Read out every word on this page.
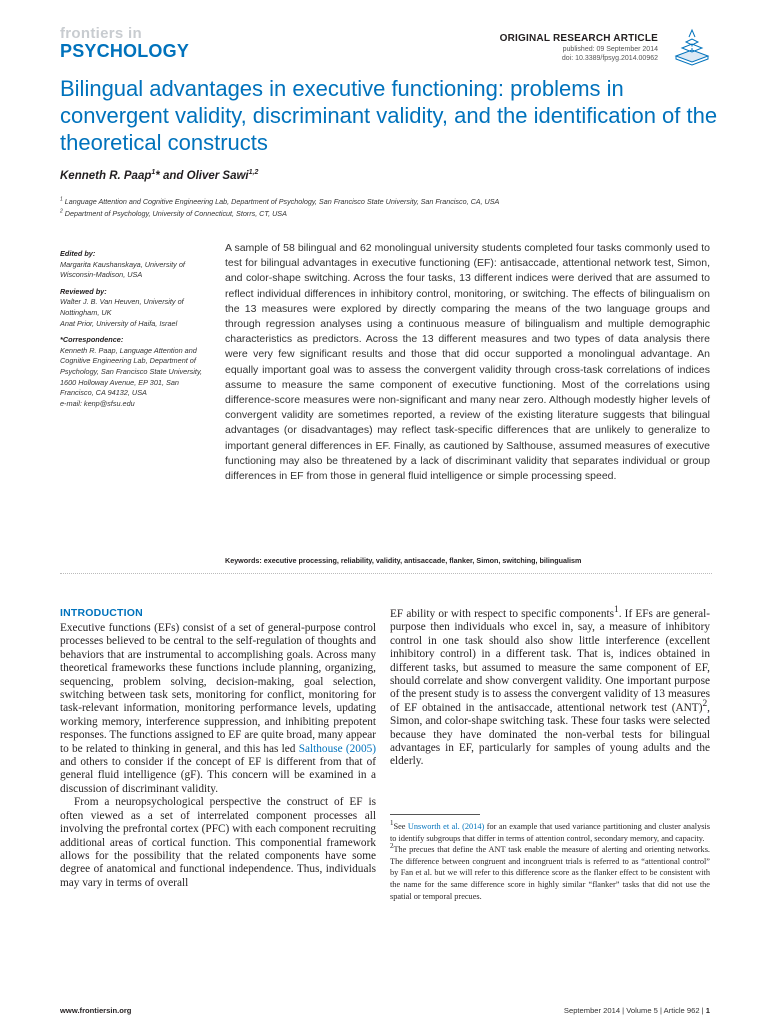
frontiers in
PSYCHOLOGY
ORIGINAL RESEARCH ARTICLE
published: 09 September 2014
doi: 10.3389/fpsyg.2014.00962
Bilingual advantages in executive functioning: problems in convergent validity, discriminant validity, and the identification of the theoretical constructs
Kenneth R. Paap$^1$* and Oliver Sawi$^{1,2}$
$^1$ Language Attention and Cognitive Engineering Lab, Department of Psychology, San Francisco State University, San Francisco, CA, USA
$^2$ Department of Psychology, University of Connecticut, Storrs, CT, USA
Edited by:
Margarita Kaushanskaya, University of Wisconsin-Madison, USA
Reviewed by:
Walter J. B. Van Heuven, University of Nottingham, UK
Anat Prior, University of Haifa, Israel
*Correspondence:
Kenneth R. Paap, Language Attention and Cognitive Engineering Lab, Department of Psychology, San Francisco State University, 1600 Holloway Avenue, EP 301, San Francisco, CA 94132, USA
e-mail: kenp@sfsu.edu

A sample of 58 bilingual and 62 monolingual university students completed four tasks commonly used to test for bilingual advantages in executive functioning (EF): antisaccade, attentional network test, Simon, and color-shape switching. Across the four tasks, 13 different indices were derived that are assumed to reflect individual differences in inhibitory control, monitoring, or switching. The effects of bilingualism on the 13 measures were explored by directly comparing the means of the two language groups and through regression analyses using a continuous measure of bilingualism and multiple demographic characteristics as predictors. Across the 13 different measures and two types of data analysis there were very few significant results and those that did occur supported a monolingual advantage. An equally important goal was to assess the convergent validity through cross-task correlations of indices assume to measure the same component of executive functioning. Most of the correlations using difference-score measures were non-significant and many near zero. Although modestly higher levels of convergent validity are sometimes reported, a review of the existing literature suggests that bilingual advantages (or disadvantages) may reflect task-specific differences that are unlikely to generalize to important general differences in EF. Finally, as cautioned by Salthouse, assumed measures of executive functioning may also be threatened by a lack of discriminant validity that separates individual or group differences in EF from those in general fluid intelligence or simple processing speed.

Keywords: executive processing, reliability, validity, antisaccade, flanker, Simon, switching, bilingualism
INTRODUCTION

Executive functions (EFs) consist of a set of general-purpose control processes believed to be central to the self-regulation of thoughts and behaviors that are instrumental to accomplishing goals. Across many theoretical frameworks these functions include planning, organizing, sequencing, problem solving, decision-making, goal selection, switching between task sets, monitoring for conflict, monitoring for task-relevant information, monitoring performance levels, updating working memory, interference suppression, and inhibiting prepotent responses. The functions assigned to EF are quite broad, many appear to be related to thinking in general, and this has led Salthouse (2005) and others to consider if the concept of EF is different from that of general fluid intelligence (gF). This concern will be examined in a discussion of discriminant validity.

From a neuropsychological perspective the construct of EF is often viewed as a set of interrelated component processes all involving the prefrontal cortex (PFC) with each component recruiting additional areas of cortical function. This componential framework allows for the possibility that the related components have some degree of anatomical and functional independence. Thus, individuals may vary in terms of overall

EF ability or with respect to specific components$^1$. If EFs are general-purpose then individuals who excel in, say, a measure of inhibitory control in one task should also show little interference (excellent inhibitory control) in a different task. That is, indices obtained in different tasks, but assumed to measure the same component of EF, should correlate and show convergent validity. One important purpose of the present study is to assess the convergent validity of 13 measures of EF obtained in the antisaccade, attentional network test (ANT)$^2$, Simon, and color-shape switching task. These four tasks were selected because they have dominated the non-verbal tests for bilingual advantages in EF, particularly for samples of young adults and the elderly.

$^1$See Unsworth et al. (2014) for an example that used variance partitioning and cluster analysis to identify subgroups that differ in terms of attention control, secondary memory, and capacity.

$^2$The precues that define the ANT task enable the measure of alerting and orienting networks. The difference between congruent and incongruent trials is referred to as “attentional control” by Fan et al. but we will refer to this difference score as the flanker effect to be consistent with the name for the same difference score in highly similar “flanker” tasks that did not use the spatial or temporal precues.

www.frontiersin.org	September 2014 | Volume 5 | Article 962 | 1
